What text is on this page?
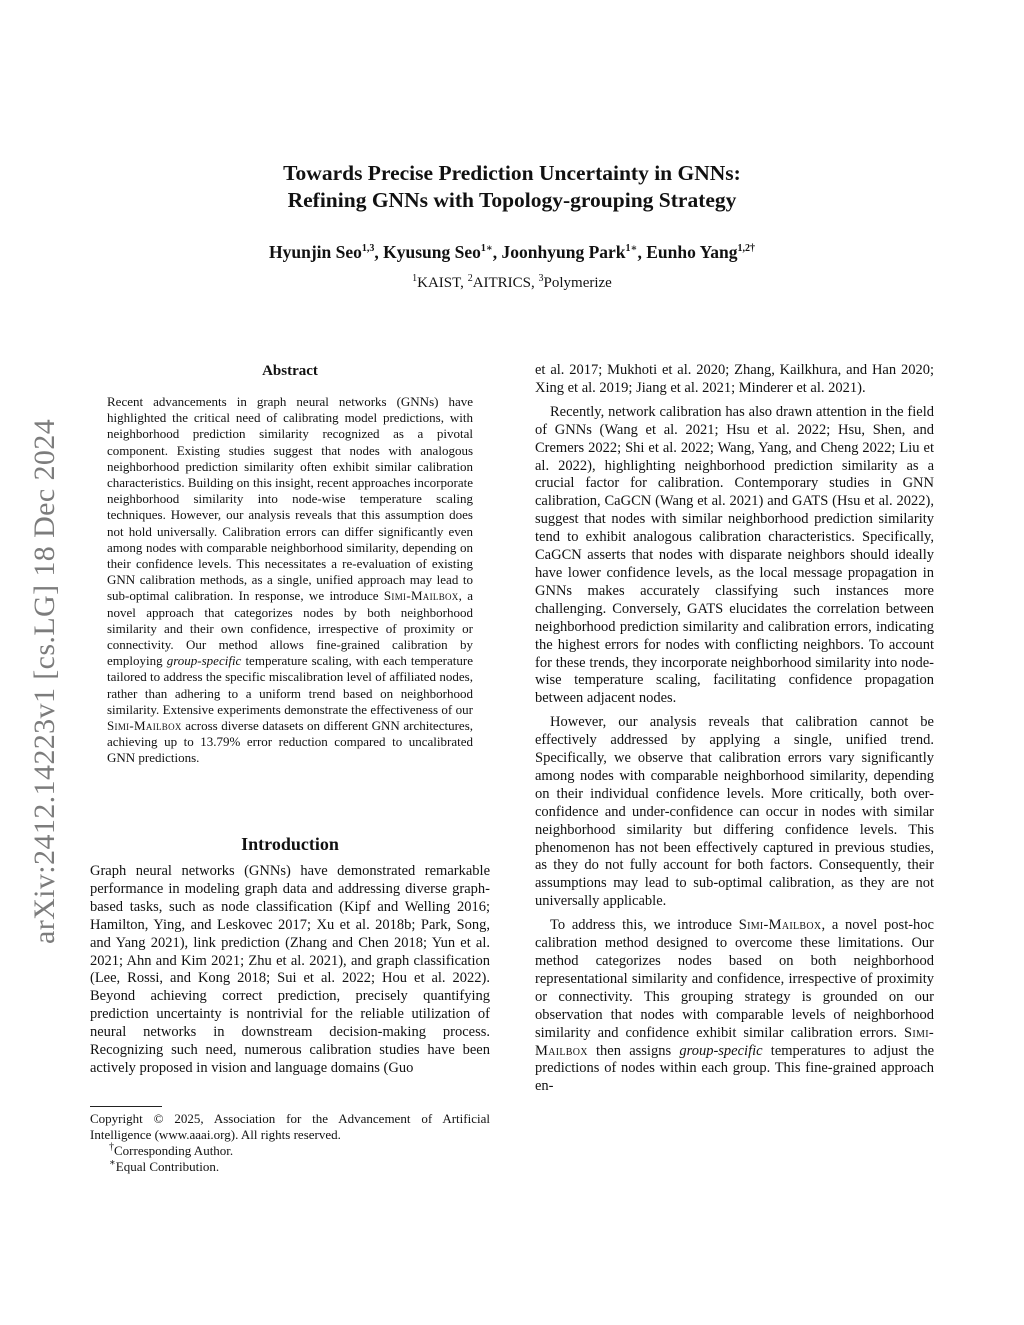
arXiv:2412.14223v1 [cs.LG] 18 Dec 2024
Towards Precise Prediction Uncertainty in GNNs:
Refining GNNs with Topology-grouping Strategy
Hyunjin Seo$^{1,3}$, Kyusung Seo$^{1∗}$, Joonhyung Park$^{1∗}$, Eunho Yang$^{1,2\dagger}$
$^1$KAIST, $^2$AITRICS, $^3$Polymerize
Abstract

Recent advancements in graph neural networks (GNNs) have highlighted the critical need of calibrating model predictions, with neighborhood prediction similarity recognized as a pivotal component. Existing studies suggest that nodes with analogous neighborhood prediction similarity often exhibit similar calibration characteristics. Building on this insight, recent approaches incorporate neighborhood similarity into node-wise temperature scaling techniques. However, our analysis reveals that this assumption does not hold universally. Calibration errors can differ significantly even among nodes with comparable neighborhood similarity, depending on their confidence levels. This necessitates a re-evaluation of existing GNN calibration methods, as a single, unified approach may lead to sub-optimal calibration. In response, we introduce Simi-Mailbox, a novel approach that categorizes nodes by both neighborhood similarity and their own confidence, irrespective of proximity or connectivity. Our method allows fine-grained calibration by employing group-specific temperature scaling, with each temperature tailored to address the specific miscalibration level of affiliated nodes, rather than adhering to a uniform trend based on neighborhood similarity. Extensive experiments demonstrate the effectiveness of our Simi-Mailbox across diverse datasets on different GNN architectures, achieving up to 13.79% error reduction compared to uncalibrated GNN predictions.

Introduction

Graph neural networks (GNNs) have demonstrated remarkable performance in modeling graph data and addressing diverse graph-based tasks, such as node classification (Kipf and Welling 2016; Hamilton, Ying, and Leskovec 2017; Xu et al. 2018b; Park, Song, and Yang 2021), link prediction (Zhang and Chen 2018; Yun et al. 2021; Ahn and Kim 2021; Zhu et al. 2021), and graph classification (Lee, Rossi, and Kong 2018; Sui et al. 2022; Hou et al. 2022). Beyond achieving correct prediction, precisely quantifying prediction uncertainty is nontrivial for the reliable utilization of neural networks in downstream decision-making process. Recognizing such need, numerous calibration studies have been actively proposed in vision and language domains (Guo

Copyright © 2025, Association for the Advancement of Artificial Intelligence (www.aaai.org). All rights reserved.

†Corresponding Author.

∗Equal Contribution.

et al. 2017; Mukhoti et al. 2020; Zhang, Kailkhura, and Han 2020; Xing et al. 2019; Jiang et al. 2021; Minderer et al. 2021).

Recently, network calibration has also drawn attention in the field of GNNs (Wang et al. 2021; Hsu et al. 2022; Hsu, Shen, and Cremers 2022; Shi et al. 2022; Wang, Yang, and Cheng 2022; Liu et al. 2022), highlighting neighborhood prediction similarity as a crucial factor for calibration. Contemporary studies in GNN calibration, CaGCN (Wang et al. 2021) and GATS (Hsu et al. 2022), suggest that nodes with similar neighborhood prediction similarity tend to exhibit analogous calibration characteristics. Specifically, CaGCN asserts that nodes with disparate neighbors should ideally have lower confidence levels, as the local message propagation in GNNs makes accurately classifying such instances more challenging. Conversely, GATS elucidates the correlation between neighborhood prediction similarity and calibration errors, indicating the highest errors for nodes with conflicting neighbors. To account for these trends, they incorporate neighborhood similarity into node-wise temperature scaling, facilitating confidence propagation between adjacent nodes.

However, our analysis reveals that calibration cannot be effectively addressed by applying a single, unified trend. Specifically, we observe that calibration errors vary significantly among nodes with comparable neighborhood similarity, depending on their individual confidence levels. More critically, both over-confidence and under-confidence can occur in nodes with similar neighborhood similarity but differing confidence levels. This phenomenon has not been effectively captured in previous studies, as they do not fully account for both factors. Consequently, their assumptions may lead to sub-optimal calibration, as they are not universally applicable.

To address this, we introduce Simi-Mailbox, a novel post-hoc calibration method designed to overcome these limitations. Our method categorizes nodes based on both neighborhood representational similarity and confidence, irrespective of proximity or connectivity. This grouping strategy is grounded on our observation that nodes with comparable levels of neighborhood similarity and confidence exhibit similar calibration errors. Simi-Mailbox then assigns group-specific temperatures to adjust the predictions of nodes within each group. This fine-grained approach en-
